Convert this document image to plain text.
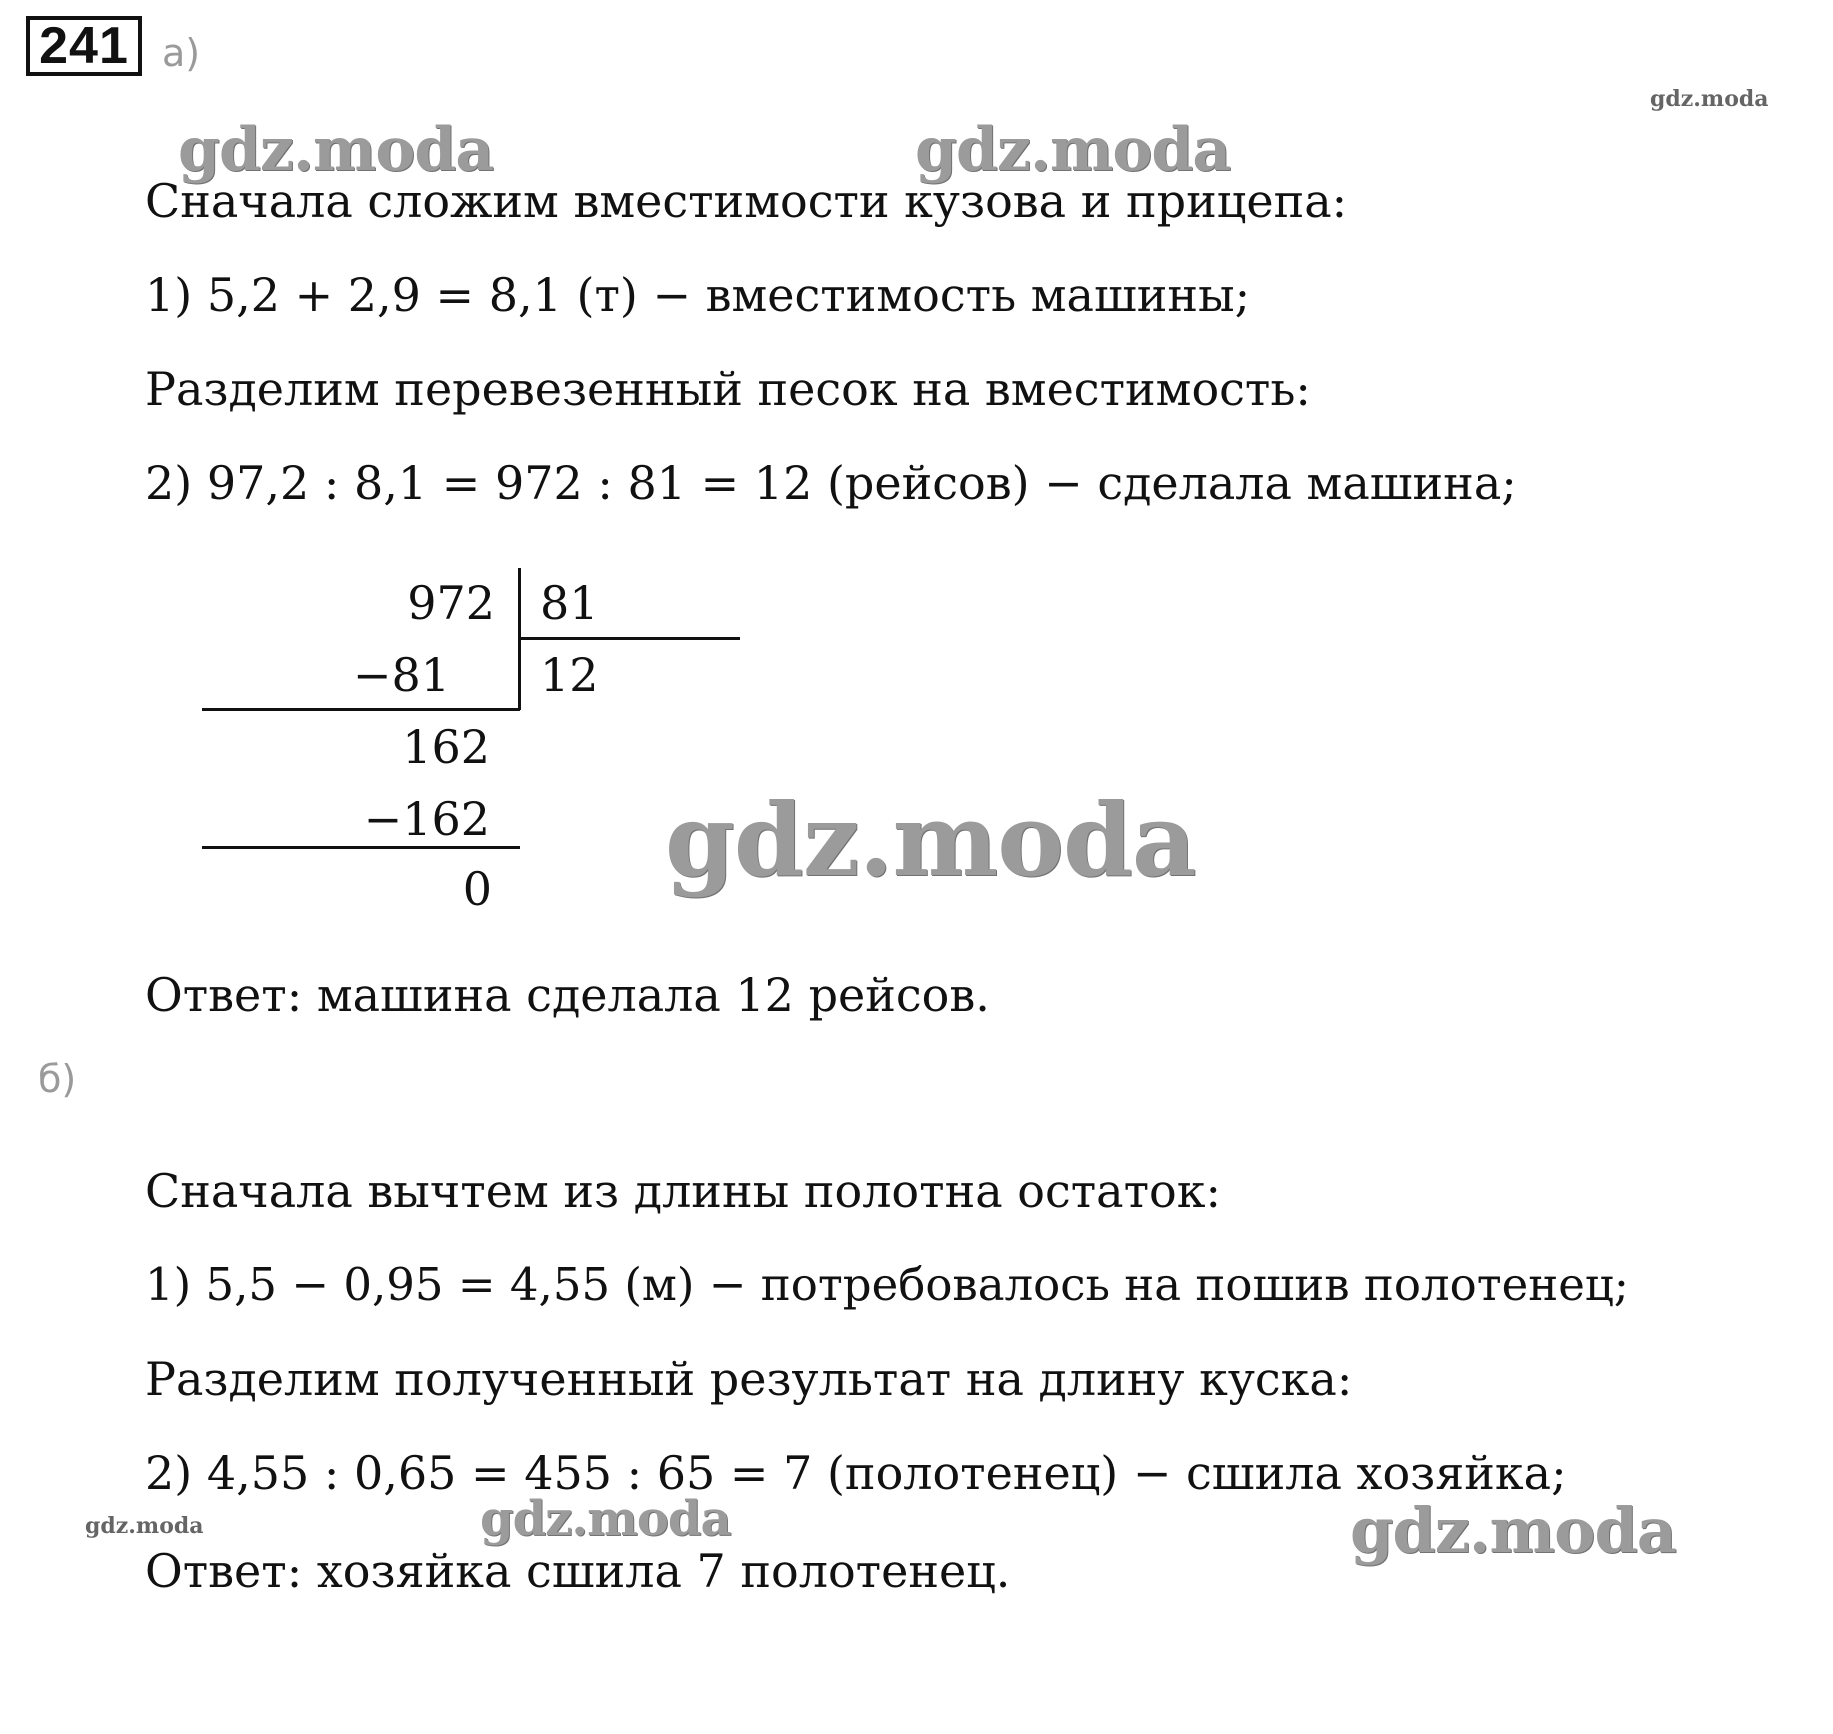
241 а)
Сначала сложим вместимости кузова и прицепа:
1) 5,2 + 2,9 = 8,1 (т) − вместимость машины;
Разделим перевезенный песок на вместимость:
2) 97,2 : 8,1 = 972 : 81 = 12 (рейсов) − сделала машина;
972 81
−81 12
162
−162
0
Ответ: машина сделала 12 рейсов.
б)
Сначала вычтем из длины полотна остаток:
1) 5,5 − 0,95 = 4,55 (м) − потребовалось на пошив полотенец;
Разделим полученный результат на длину куска:
2) 4,55 : 0,65 = 455 : 65 = 7 (полотенец) − сшила хозяйка;
Ответ: хозяйка сшила 7 полотенец.
gdz.moda
gdz.moda	gdz.moda
gdz.moda
gdz.moda	gdz.moda	gdz.moda
